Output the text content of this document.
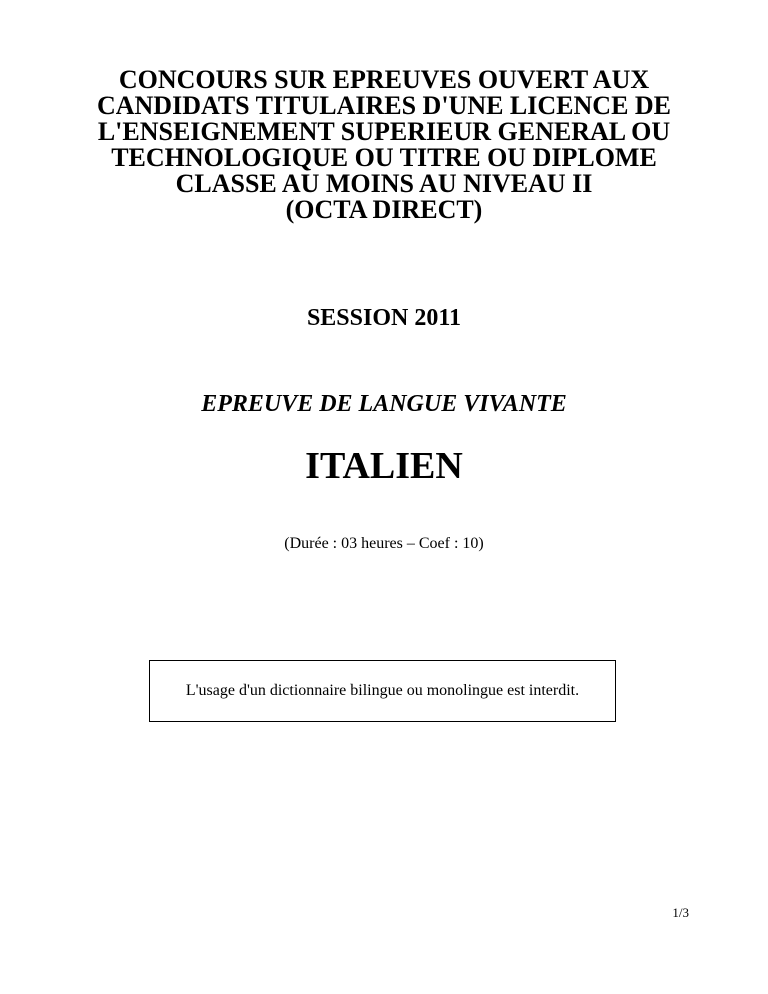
CONCOURS SUR EPREUVES OUVERT AUX
CANDIDATS TITULAIRES D'UNE LICENCE DE
L'ENSEIGNEMENT SUPERIEUR GENERAL OU
TECHNOLOGIQUE OU TITRE OU DIPLOME
CLASSE AU MOINS AU NIVEAU II
(OCTA DIRECT)
SESSION 2011
EPREUVE DE LANGUE VIVANTE
ITALIEN
(Durée : 03 heures – Coef : 10)
L'usage d'un dictionnaire bilingue ou monolingue est interdit.
1/3
